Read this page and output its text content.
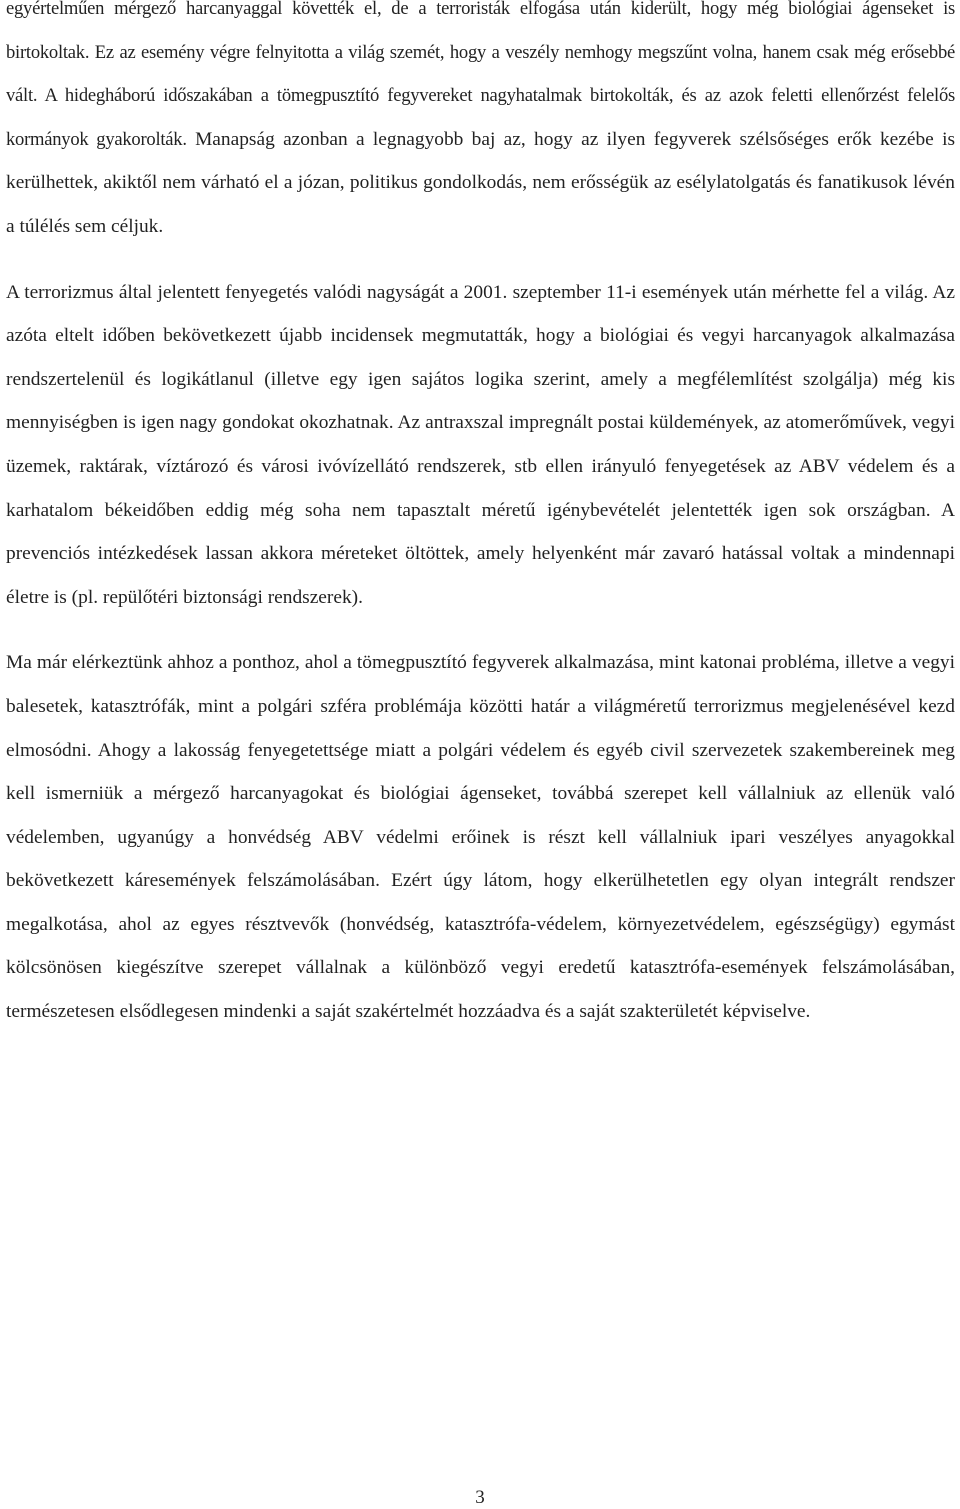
egyértelműen mérgező harcanyaggal követték el, de a terroristák elfogása után kiderült, hogy még biológiai ágenseket is birtokoltak. Ez az esemény végre felnyitotta a világ szemét, hogy a veszély nemhogy megszűnt volna, hanem csak még erősebbé vált. A hidegháború időszakában a tömegpusztító fegyvereket nagyhatalmak birtokolták, és az azok feletti ellenőrzést felelős kormányok gyakorolták. Manapság azonban a legnagyobb baj az, hogy az ilyen fegyverek szélsőséges erők kezébe is kerülhettek, akiktől nem várható el a józan, politikus gondolkodás, nem erősségük az esélylatolgatás és fanatikusok lévén a túlélés sem céljuk.

A terrorizmus által jelentett fenyegetés valódi nagyságát a 2001. szeptember 11-i események után mérhette fel a világ. Az azóta eltelt időben bekövetkezett újabb incidensek megmutatták, hogy a biológiai és vegyi harcanyagok alkalmazása rendszertelenül és logikátlanul (illetve egy igen sajátos logika szerint, amely a megfélemlítést szolgálja) még kis mennyiségben is igen nagy gondokat okozhatnak. Az antraxszal impregnált postai küldemények, az atomerőművek, vegyi üzemek, raktárak, víztározó és városi ivóvízellátó rendszerek, stb ellen irányuló fenyegetések az ABV védelem és a karhatalom békeidőben eddig még soha nem tapasztalt méretű igénybevételét jelentették igen sok országban. A prevenciós intézkedések lassan akkora méreteket öltöttek, amely helyenként már zavaró hatással voltak a mindennapi életre is (pl. repülőtéri biztonsági rendszerek).

Ma már elérkeztünk ahhoz a ponthoz, ahol a tömegpusztító fegyverek alkalmazása, mint katonai probléma, illetve a vegyi balesetek, katasztrófák, mint a polgári szféra problémája közötti határ a világméretű terrorizmus megjelenésével kezd elmosódni. Ahogy a lakosság fenyegetettsége miatt a polgári védelem és egyéb civil szervezetek szakembereinek meg kell ismerniük a mérgező harcanyagokat és biológiai ágenseket, továbbá szerepet kell vállalniuk az ellenük való védelemben, ugyanúgy a honvédség ABV védelmi erőinek is részt kell vállalniuk ipari veszélyes anyagokkal bekövetkezett káresemények felszámolásában. Ezért úgy látom, hogy elkerülhetetlen egy olyan integrált rendszer megalkotása, ahol az egyes résztvevők (honvédség, katasztrófa-védelem, környezetvédelem, egészségügy) egymást kölcsönösen kiegészítve szerepet vállalnak a különböző vegyi eredetű katasztrófa-események felszámolásában, természetesen elsődlegesen mindenki a saját szakértelmét hozzáadva és a saját szakterületét képviselve.

3
